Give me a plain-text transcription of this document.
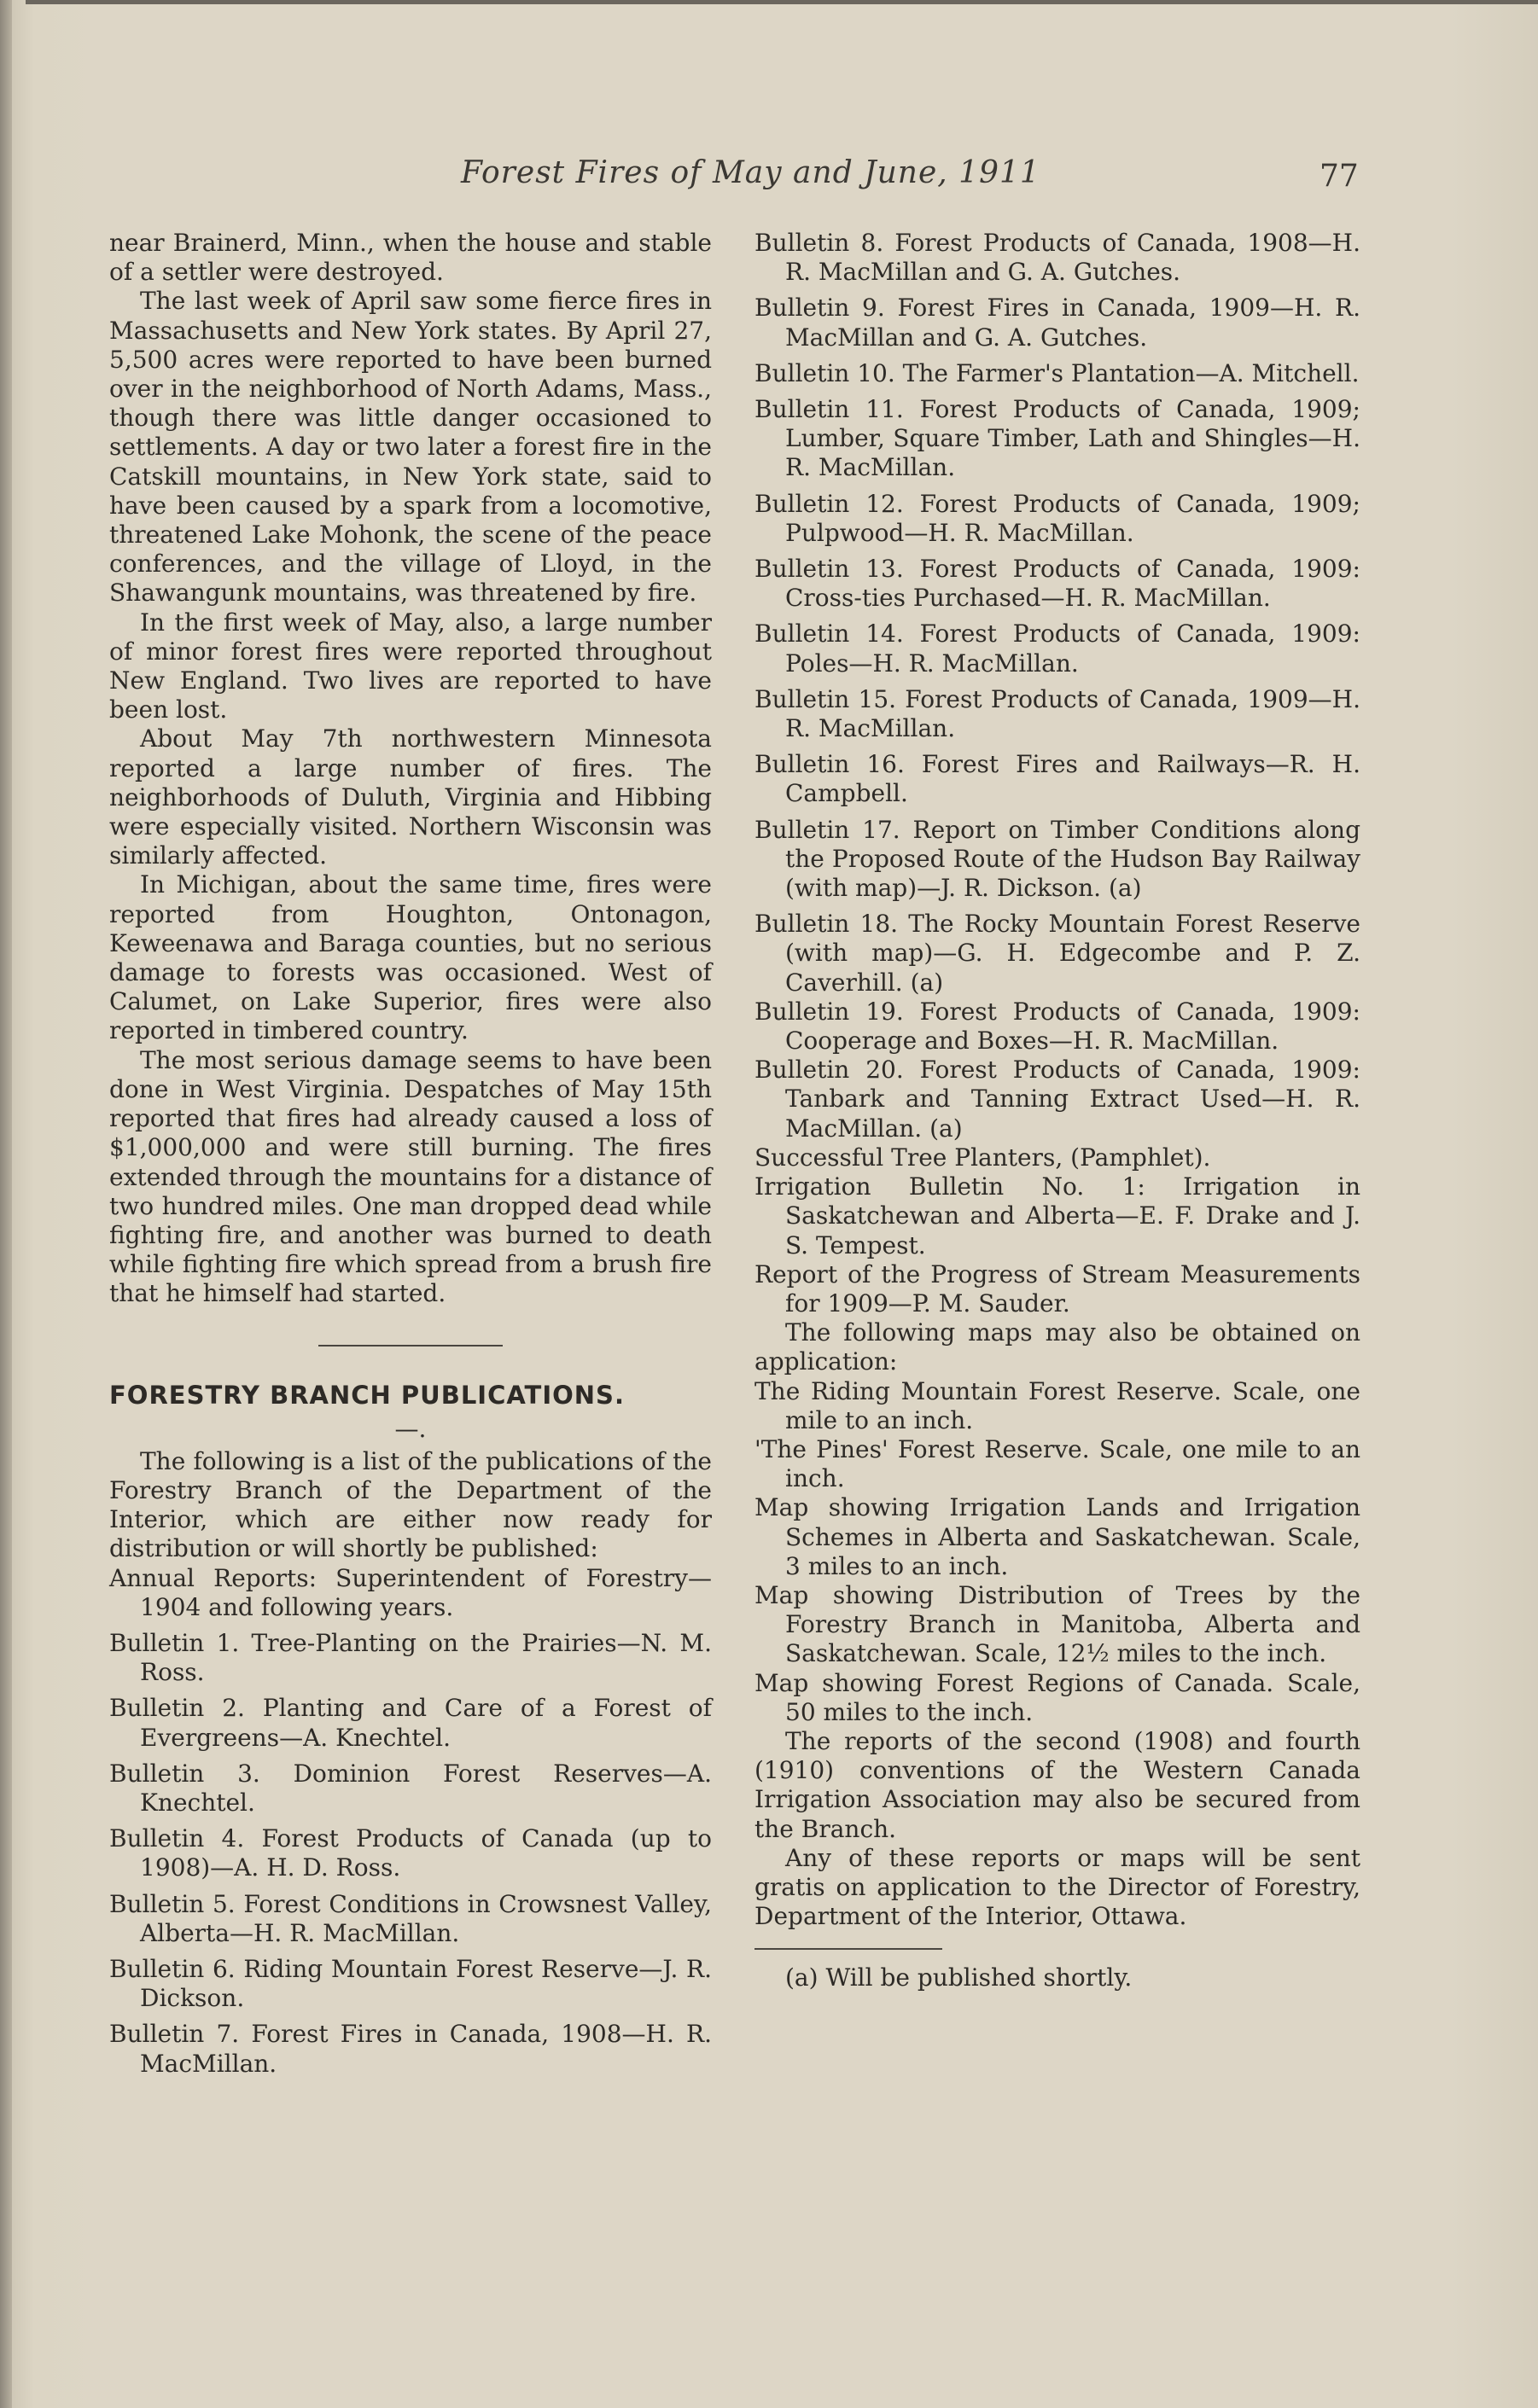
Forest Fires of May and June, 1911	77

near Brainerd, Minn., when the house and stable of a settler were destroyed.

The last week of April saw some fierce fires in Massachusetts and New York states. By April 27, 5,500 acres were reported to have been burned over in the neighborhood of North Adams, Mass., though there was little danger occasioned to settlements. A day or two later a forest fire in the Catskill mountains, in New York state, said to have been caused by a spark from a locomotive, threatened Lake Mohonk, the scene of the peace conferences, and the village of Lloyd, in the Shawangunk mountains, was threatened by fire.

In the first week of May, also, a large number of minor forest fires were reported throughout New England. Two lives are reported to have been lost.

About May 7th northwestern Minnesota reported a large number of fires. The neighborhoods of Duluth, Virginia and Hibbing were especially visited. Northern Wisconsin was similarly affected.

In Michigan, about the same time, fires were reported from Houghton, Ontonagon, Keweenawa and Baraga counties, but no serious damage to forests was occasioned. West of Calumet, on Lake Superior, fires were also reported in timbered country.

The most serious damage seems to have been done in West Virginia. Despatches of May 15th reported that fires had already caused a loss of $1,000,000 and were still burning. The fires extended through the mountains for a distance of two hundred miles. One man dropped dead while fighting fire, and another was burned to death while fighting fire which spread from a brush fire that he himself had started.

FORESTRY BRANCH PUBLICATIONS.

—.

The following is a list of the publications of the Forestry Branch of the Department of the Interior, which are either now ready for distribution or will shortly be published:

Annual Reports: Superintendent of Forestry—1904 and following years.

Bulletin 1. Tree-Planting on the Prairies—N. M. Ross.

Bulletin 2. Planting and Care of a Forest of Evergreens—A. Knechtel.

Bulletin 3. Dominion Forest Reserves—A. Knechtel.

Bulletin 4. Forest Products of Canada (up to 1908)—A. H. D. Ross.

Bulletin 5. Forest Conditions in Crowsnest Valley, Alberta—H. R. MacMillan.

Bulletin 6. Riding Mountain Forest Reserve—J. R. Dickson.

Bulletin 7. Forest Fires in Canada, 1908—H. R. MacMillan.

Bulletin 8. Forest Products of Canada, 1908—H. R. MacMillan and G. A. Gutches.

Bulletin 9. Forest Fires in Canada, 1909—H. R. MacMillan and G. A. Gutches.

Bulletin 10. The Farmer's Plantation—A. Mitchell.

Bulletin 11. Forest Products of Canada, 1909; Lumber, Square Timber, Lath and Shingles—H. R. MacMillan.

Bulletin 12. Forest Products of Canada, 1909; Pulpwood—H. R. MacMillan.

Bulletin 13. Forest Products of Canada, 1909: Cross-ties Purchased—H. R. MacMillan.

Bulletin 14. Forest Products of Canada, 1909: Poles—H. R. MacMillan.

Bulletin 15. Forest Products of Canada, 1909—H. R. MacMillan.

Bulletin 16. Forest Fires and Railways—R. H. Campbell.

Bulletin 17. Report on Timber Conditions along the Proposed Route of the Hudson Bay Railway (with map)—J. R. Dickson. (a)

Bulletin 18. The Rocky Mountain Forest Reserve (with map)—G. H. Edgecombe and P. Z. Caverhill. (a)

Bulletin 19. Forest Products of Canada, 1909: Cooperage and Boxes—H. R. MacMillan.

Bulletin 20. Forest Products of Canada, 1909: Tanbark and Tanning Extract Used—H. R. MacMillan. (a)

Successful Tree Planters, (Pamphlet).

Irrigation Bulletin No. 1: Irrigation in Saskatchewan and Alberta—E. F. Drake and J. S. Tempest.

Report of the Progress of Stream Measurements for 1909—P. M. Sauder.

The following maps may also be obtained on application:

The Riding Mountain Forest Reserve. Scale, one mile to an inch.

'The Pines' Forest Reserve. Scale, one mile to an inch.

Map showing Irrigation Lands and Irrigation Schemes in Alberta and Saskatchewan. Scale, 3 miles to an inch.

Map showing Distribution of Trees by the Forestry Branch in Manitoba, Alberta and Saskatchewan. Scale, 12½ miles to the inch.

Map showing Forest Regions of Canada. Scale, 50 miles to the inch.

The reports of the second (1908) and fourth (1910) conventions of the Western Canada Irrigation Association may also be secured from the Branch.

Any of these reports or maps will be sent gratis on application to the Director of Forestry, Department of the Interior, Ottawa.

(a) Will be published shortly.
